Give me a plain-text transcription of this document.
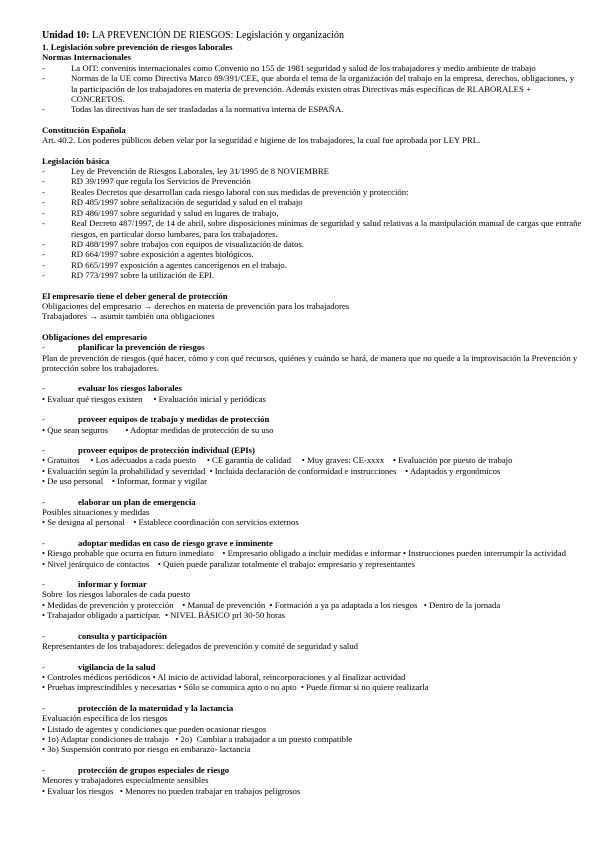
Unidad 10: LA PREVENCIÓN DE RIESGOS: Legislación y organización
1. Legislación sobre prevención de riesgos laborales
Normas Internacionales
-	La OIT: convenios internacionales como Convenio no 155 de 1981 seguridad y salud de los trabajadores y medio ambiente de trabajo
-	Normas de la UE como Directiva Marco 89/391/CEE, que aborda el tema de la organización del trabajo en la empresa, derechos, obligaciones, y la participación de los trabajadores en materia de prevención. Además existen otras Directivas más específicas de RLABORALES + CONCRETOS.
-	Todas las directivas han de ser trasladadas a la normativa interna de ESPAÑA.
Constitución Española
Art. 40.2. Los poderes públicos deben velar por la seguridad e higiene de los trabajadores, la cual fue aprobada por LEY PRL.
Legislación básica
-	Ley de Prevención de Riesgos Laborales, ley 31/1995 de 8 NOVIEMBRE
-	RD 39/1997 que regula los Servicios de Prevención
-	Reales Decretos que desarrollan cada riesgo laboral con sus medidas de prevención y protección:
-	RD 485/1997 sobre señalización de seguridad y salud en el trabajo
-	RD 486/1997 sobre seguridad y salud en lugares de trabajo,
-	Real Decreto 487/1997, de 14 de abril, sobre disposiciones mínimas de seguridad y salud relativas a la manipulación manual de cargas que entrañe riesgos, en particular dorso lumbares, para los trabajadores.
-	RD 488/1997 sobre trabajos con equipos de visualización de datos.
-	RD 664/1997 sobre exposición a agentes biológicos.
-	RD 665/1997 exposición a agentes cancerígenos en el trabajo.
-	RD 773/1997 sobre la utilización de EPI.
El empresario tiene el deber general de protección
Obligaciones del empresario → derechos en materia de prevención para los trabajadores
Trabajadores → asumir también una obligaciones
Obligaciones del empresario
-	planificar la prevención de riesgos
Plan de prevención de riesgos (qué hacer, cómo y con qué recursos, quiénes y cuándo se hará, de manera que no quede a la improvisación la Prevención y protección sobre los trabajadores.
-	evaluar los riesgos laborales
• Evaluar qué riesgos existen     • Evaluación inicial y periódicas
-	proveer equipos de trabajo y medidas de protección
• Que sean seguros        • Adoptar medidas de protección de su uso
-	proveer equipos de protección individual (EPIs)
• Gratuitos     • Los adecuados a cada puesto     • CE garantía de calidad     • Muy graves: CE-xxxx    • Evaluación por puesto de trabajo
• Evaluación según la probabilidad y severidad  • Incluida declaración de conformidad e instrucciones    • Adaptados y ergonómicos
• De uso personal    • Informar, formar y vigilar
-	elaborar un plan de emergencia
Posibles situaciones y medidas
• Se designa al personal    • Establece coordinación con servicios externos
-	adoptar medidas en caso de riesgo grave e inminente
• Riesgo probable que ocurra en futuro inmediato    • Empresario obligado a incluir medidas e informar • Instrucciones pueden interrumpir la actividad
• Nivel jerárquico de contactos    • Quien puede paralizar totalmente el trabajo: empresario y representantes
-	informar y formar
Sobre  los riesgos laborales de cada puesto
• Medidas de prevención y protección    • Manual de prevención  • Formación a ya pa adaptada a los riesgos   • Dentro de la jornada
• Trabajador obligado a participar.  • NIVEL BÁSICO prl 30-50 horas
-	consulta y participación
Representantes de los trabajadores: delegados de prevención y comité de seguridad y salud
-	vigilancia de la salud
• Controles médicos periódicos • Al inicio de actividad laboral, reincorporaciones y al finalizar actividad
• Pruebas imprescindibles y necesarias • Sólo se comunica apto o no apto  • Puede firmar si no quiere realizarla
-	protección de la maternidad y la lactancia
Evaluación específica de los riesgos
• Listado de agentes y condiciones que pueden ocasionar riesgos
• 1o) Adaptar condiciones de trabajo   • 2o)  Cambiar a trabajador a un puesto compatible
• 3o) Suspensión contrato por riesgo en embarazo- lactancia
-	protección de grupos especiales de riesgo
Menores y trabajadores especialmente sensibles
• Evaluar los riesgos   • Menores no pueden trabajar en trabajos peligrosos
